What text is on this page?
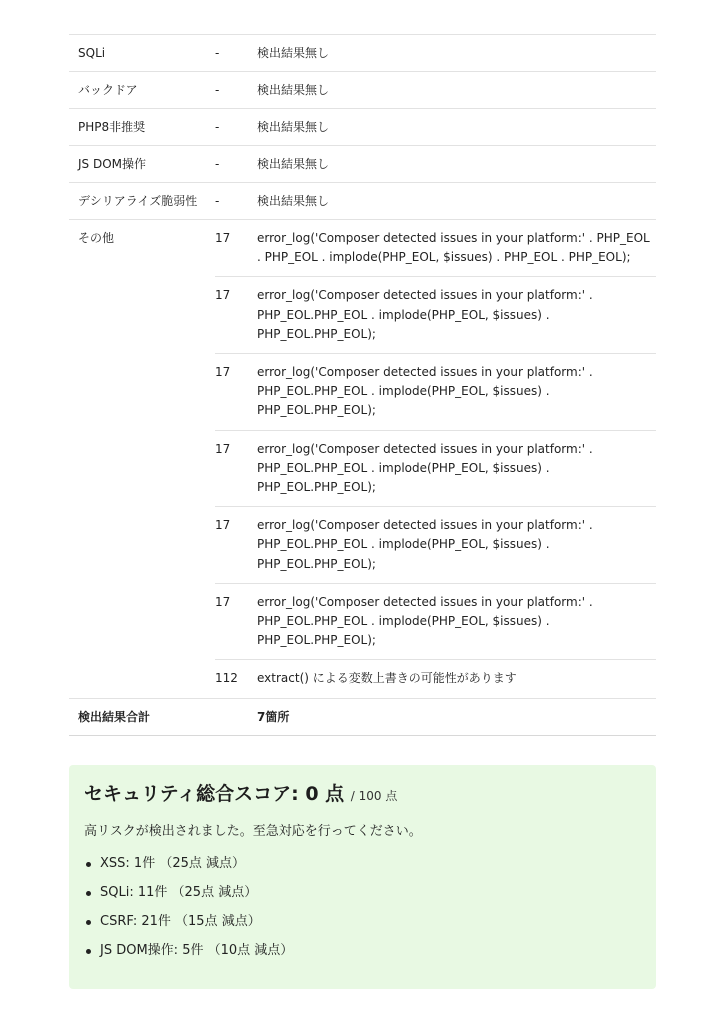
SQLi	-	検出結果無し
バックドア	-	検出結果無し
PHP8非推奨	-	検出結果無し
JS DOM操作	-	検出結果無し
デシリアライズ脆弱性	-	検出結果無し
その他	17	error_log('Composer detected issues in your platform:' . PHP_EOL . PHP_EOL . implode(PHP_EOL, $issues) . PHP_EOL . PHP_EOL);
17	error_log('Composer detected issues in your platform:' . PHP_EOL.PHP_EOL . implode(PHP_EOL, $issues) . PHP_EOL.PHP_EOL);
17	error_log('Composer detected issues in your platform:' . PHP_EOL.PHP_EOL . implode(PHP_EOL, $issues) . PHP_EOL.PHP_EOL);
17	error_log('Composer detected issues in your platform:' . PHP_EOL.PHP_EOL . implode(PHP_EOL, $issues) . PHP_EOL.PHP_EOL);
17	error_log('Composer detected issues in your platform:' . PHP_EOL.PHP_EOL . implode(PHP_EOL, $issues) . PHP_EOL.PHP_EOL);
17	error_log('Composer detected issues in your platform:' . PHP_EOL.PHP_EOL . implode(PHP_EOL, $issues) . PHP_EOL.PHP_EOL);
112	extract() による変数上書きの可能性があります
検出結果合計	7箇所
セキュリティ総合スコア: 0 点 / 100 点
高リスクが検出されました。至急対応を行ってください。
XSS: 1件 （25点 減点）
SQLi: 11件 （25点 減点）
CSRF: 21件 （15点 減点）
JS DOM操作: 5件 （10点 減点）
